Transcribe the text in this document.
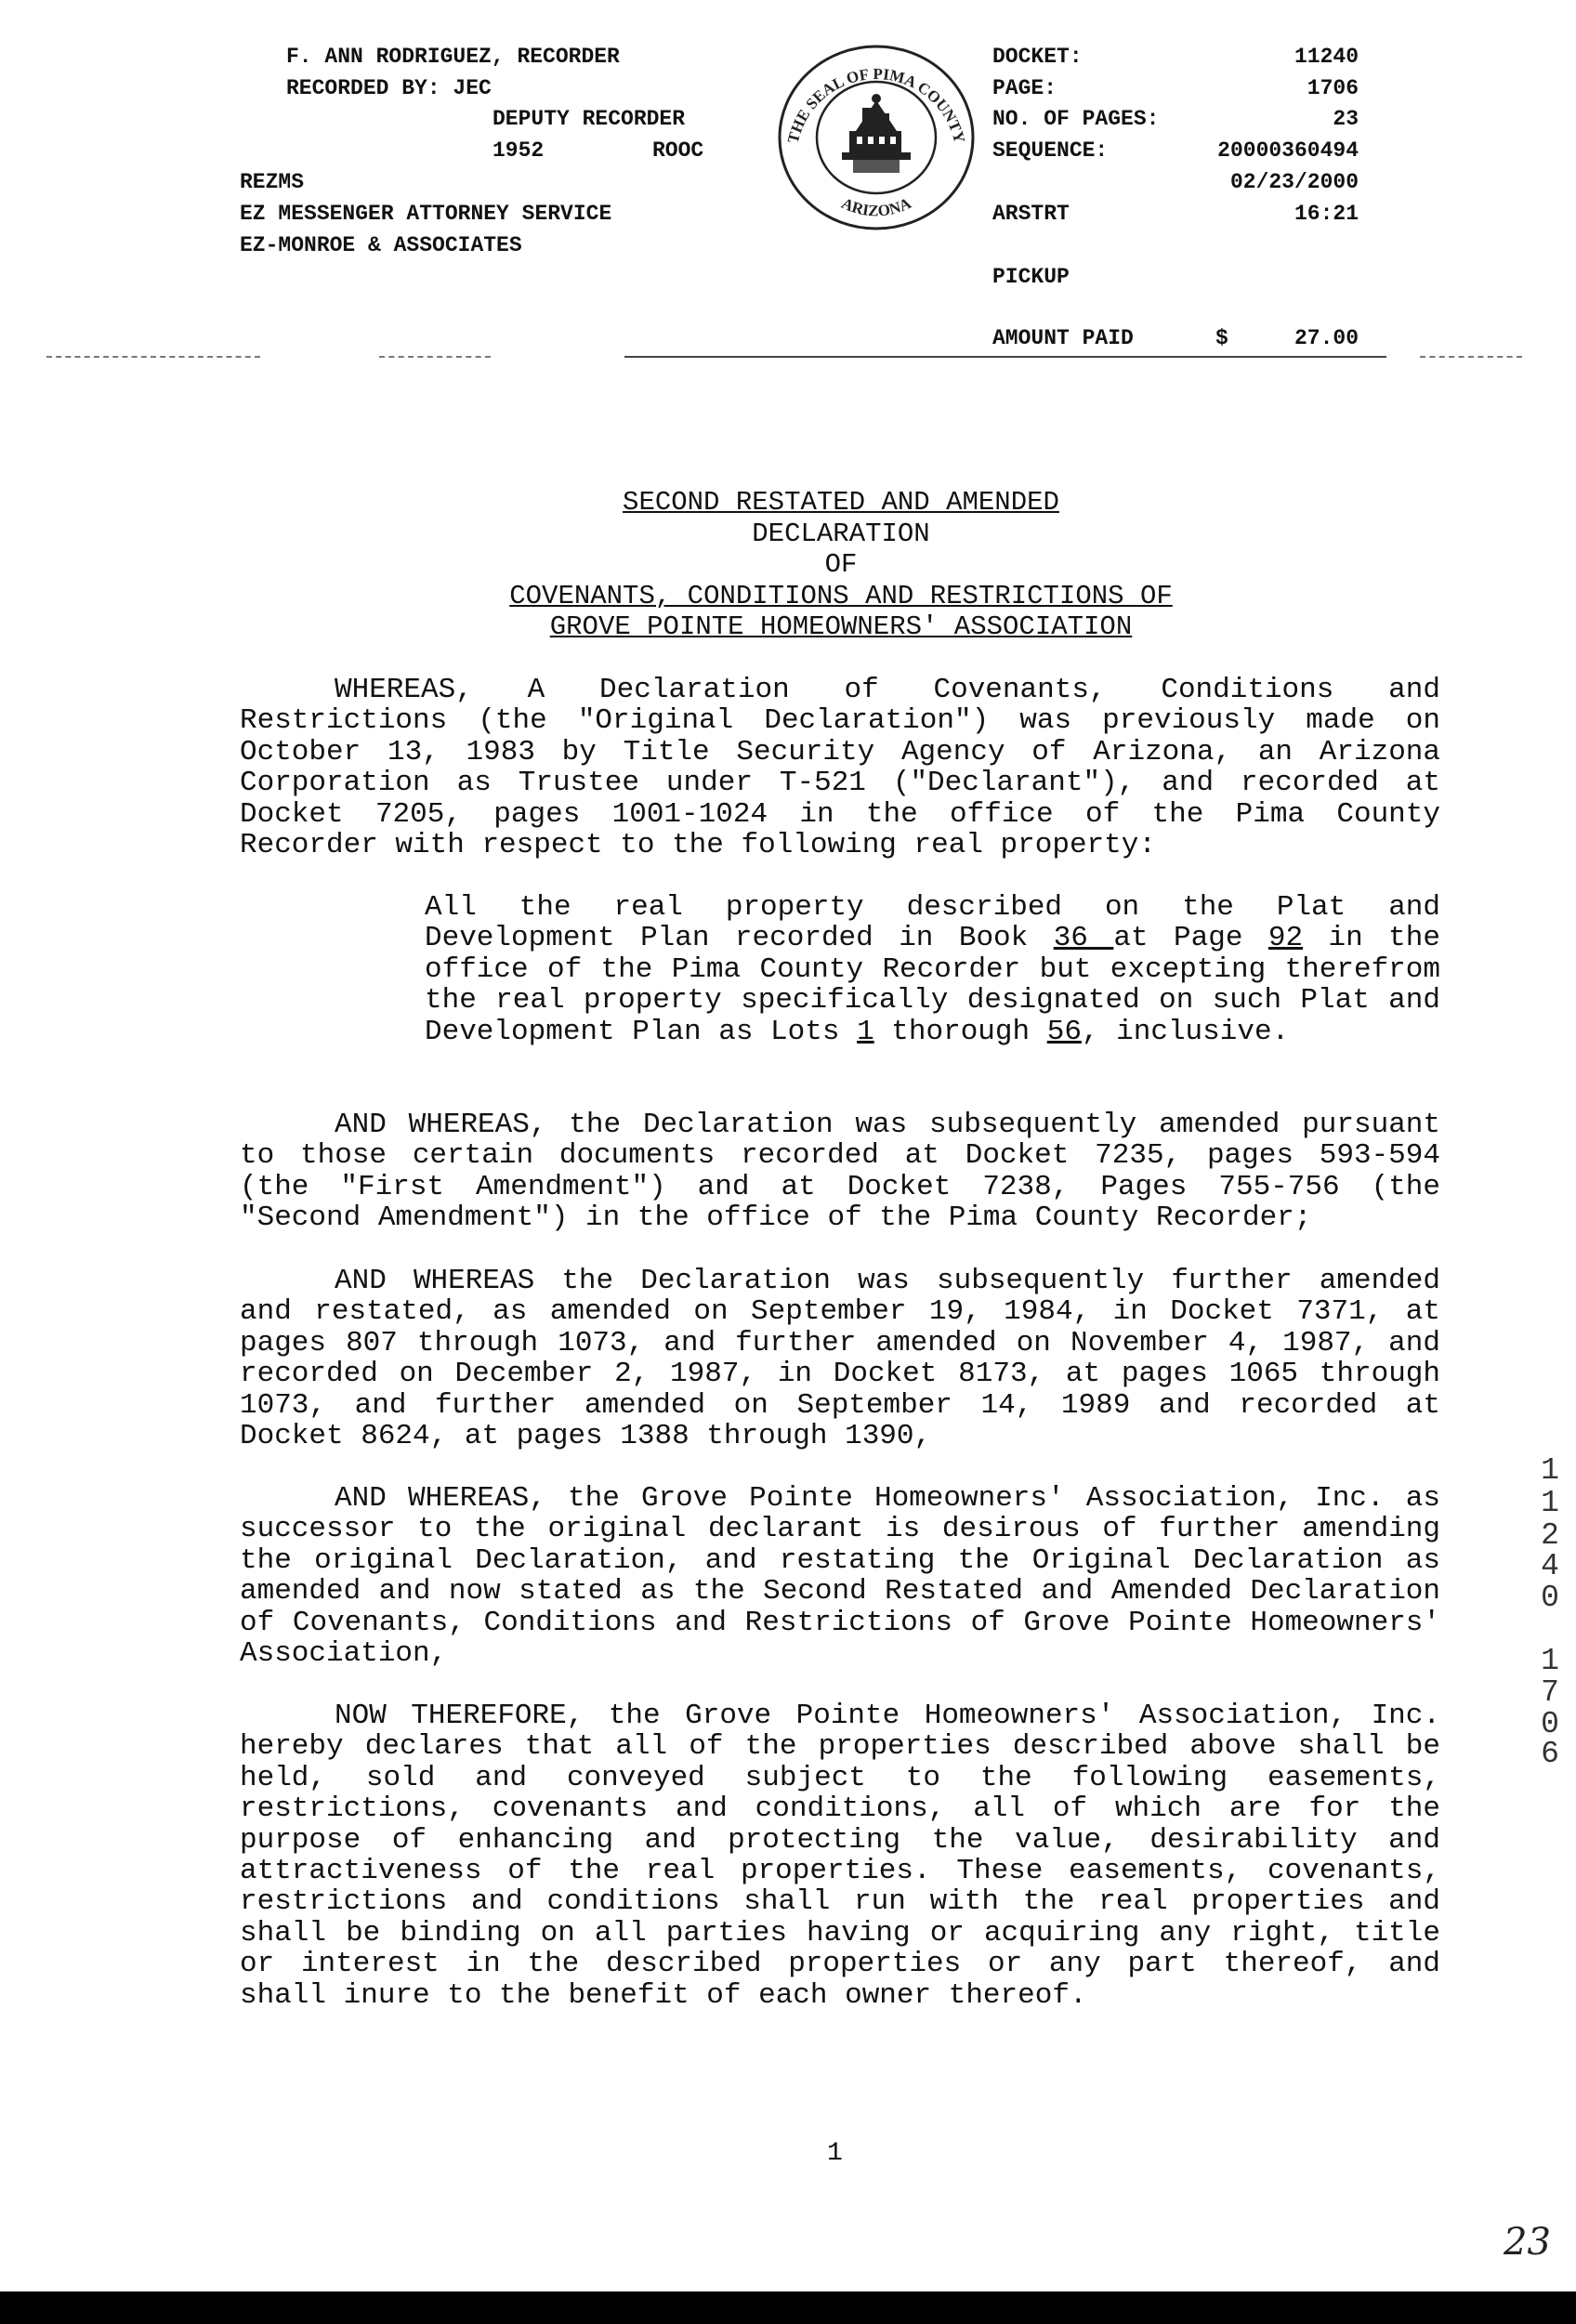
F. ANN RODRIGUEZ, RECORDER
RECORDED BY: JEC
DEPUTY RECORDER
1952	ROOC
REZMS
EZ MESSENGER ATTORNEY SERVICE
EZ-MONROE & ASSOCIATES
THE SEAL OF PIMA COUNTY
ARIZONA
DOCKET:	11240
PAGE:	1706
NO. OF PAGES:	23
SEQUENCE:	20000360494
02/23/2000
ARSTRT	16:21
PICKUP
AMOUNT PAID	$	27.00
SECOND RESTATED AND AMENDED
DECLARATION
OF
COVENANTS, CONDITIONS AND RESTRICTIONS OF
GROVE POINTE HOMEOWNERS' ASSOCIATION
WHEREAS, A Declaration of Covenants, Conditions and Restrictions (the "Original Declaration") was previously made on October 13, 1983 by Title Security Agency of Arizona, an Arizona Corporation as Trustee under T-521 ("Declarant"), and recorded at Docket 7205, pages 1001-1024 in the office of the Pima County Recorder with respect to the following real property:
All the real property described on the Plat and Development Plan recorded in Book 36 at Page 92 in the office of the Pima County Recorder but excepting therefrom the real property specifically designated on such Plat and Development Plan as Lots 1 thorough 56, inclusive.
AND WHEREAS, the Declaration was subsequently amended pursuant to those certain documents recorded at Docket 7235, pages 593-594 (the "First Amendment") and at Docket 7238, Pages 755-756 (the "Second Amendment") in the office of the Pima County Recorder;
AND WHEREAS the Declaration was subsequently further amended and restated, as amended on September 19, 1984, in Docket 7371, at pages 807 through 1073, and further amended on November 4, 1987, and recorded on December 2, 1987, in Docket 8173, at pages 1065 through 1073, and further amended on September 14, 1989 and recorded at Docket 8624, at pages 1388 through 1390,
AND WHEREAS, the Grove Pointe Homeowners' Association, Inc. as successor to the original declarant is desirous of further amending the original Declaration, and restating the Original Declaration as amended and now stated as the Second Restated and Amended Declaration of Covenants, Conditions and Restrictions of Grove Pointe Homeowners' Association,
NOW THEREFORE, the Grove Pointe Homeowners' Association, Inc. hereby declares that all of the properties described above shall be held, sold and conveyed subject to the following easements, restrictions, covenants and conditions, all of which are for the purpose of enhancing and protecting the value, desirability and attractiveness of the real properties. These easements, covenants, restrictions and conditions shall run with the real properties and shall be binding on all parties having or acquiring any right, title or interest in the described properties or any part thereof, and shall inure to the benefit of each owner thereof.
1
1
2
4
0
1
7
0
6
1
23
